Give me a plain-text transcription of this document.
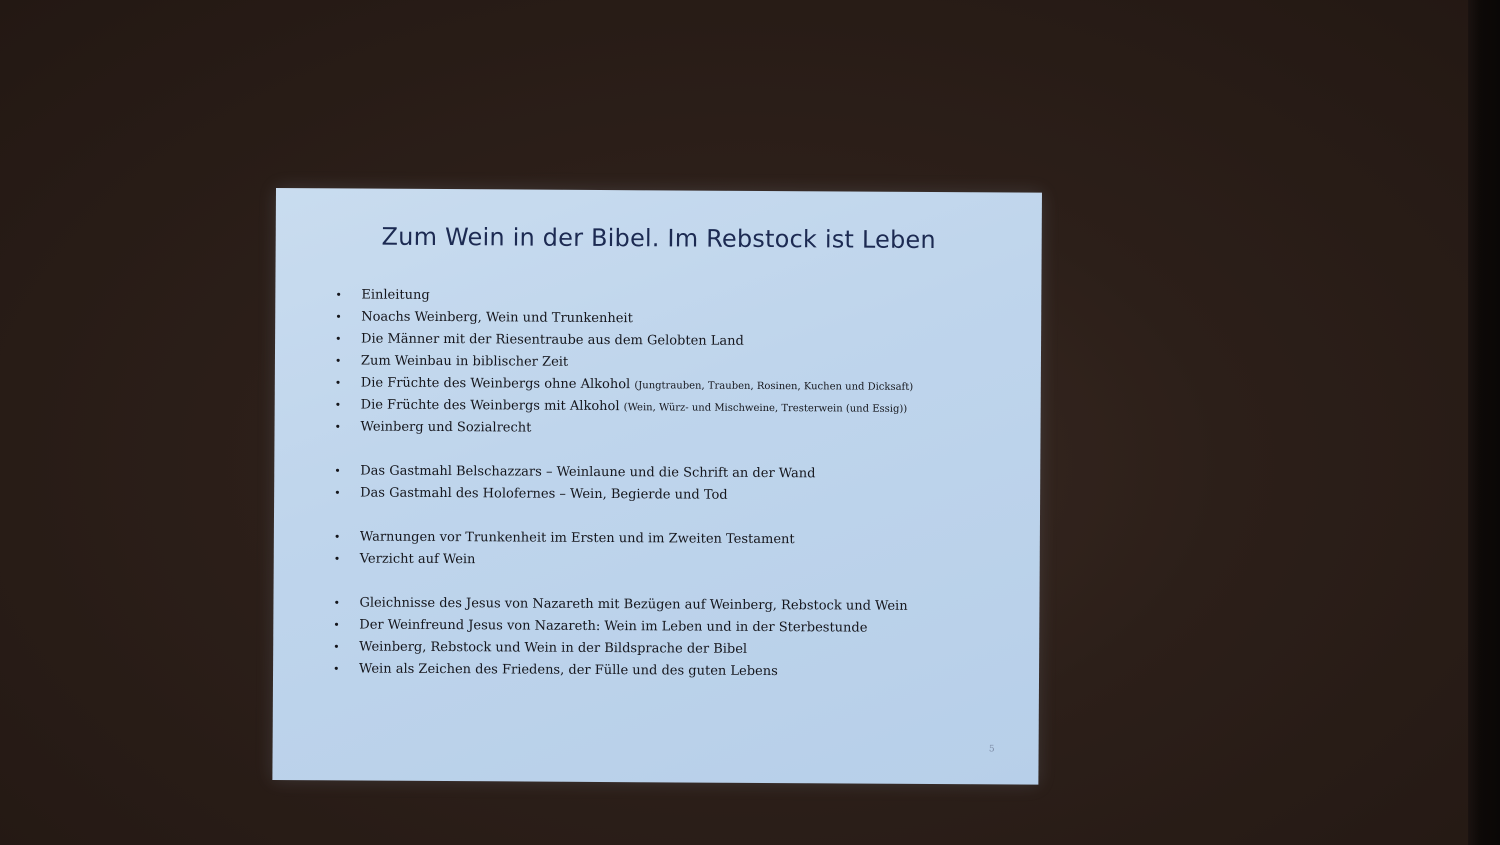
Zum Wein in der Bibel. Im Rebstock ist Leben
• Einleitung
• Noachs Weinberg, Wein und Trunkenheit
• Die Männer mit der Riesentraube aus dem Gelobten Land
• Zum Weinbau in biblischer Zeit
• Die Früchte des Weinbergs ohne Alkohol (Jungtrauben, Trauben, Rosinen, Kuchen und Dicksaft)
• Die Früchte des Weinbergs mit Alkohol (Wein, Würz- und Mischweine, Tresterwein (und Essig))
• Weinberg und Sozialrecht
• Das Gastmahl Belschazzars – Weinlaune und die Schrift an der Wand
• Das Gastmahl des Holofernes – Wein, Begierde und Tod
• Warnungen vor Trunkenheit im Ersten und im Zweiten Testament
• Verzicht auf Wein
• Gleichnisse des Jesus von Nazareth mit Bezügen auf Weinberg, Rebstock und Wein
• Der Weinfreund Jesus von Nazareth: Wein im Leben und in der Sterbestunde
• Weinberg, Rebstock und Wein in der Bildsprache der Bibel
• Wein als Zeichen des Friedens, der Fülle und des guten Lebens
5
